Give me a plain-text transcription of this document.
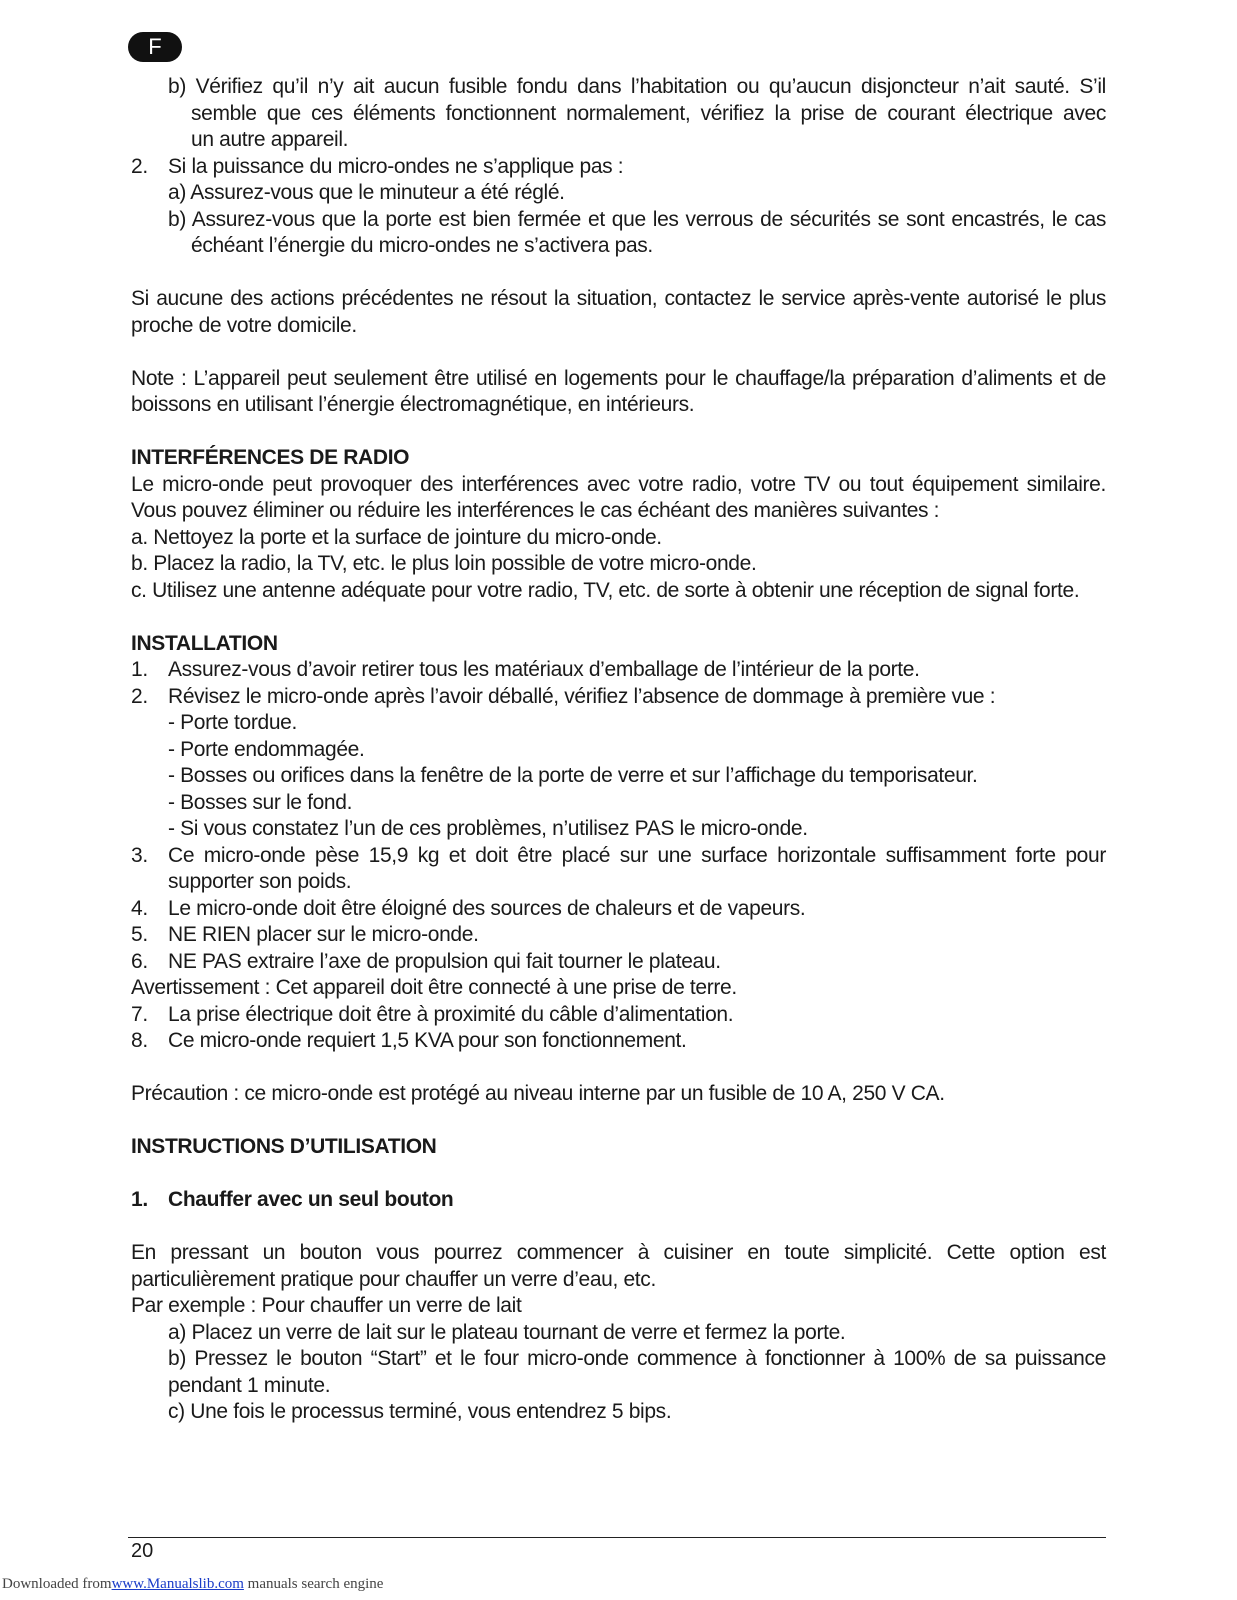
F
b) Vérifiez qu’il n’y ait aucun fusible fondu dans l’habitation ou qu’aucun disjoncteur n’ait sauté. S’il
semble que ces éléments fonctionnent normalement, vérifiez la prise de courant électrique avec
un autre appareil.
2. Si la puissance du micro-ondes ne s’applique pas :
a) Assurez-vous que le minuteur a été réglé.
b) Assurez-vous que la porte est bien fermée et que les verrous de sécurités se sont encastrés, le cas
échéant l’énergie du micro-ondes ne s’activera pas.
Si aucune des actions précédentes ne résout la situation, contactez le service après-vente autorisé le plus
proche de votre domicile.
Note : L’appareil peut seulement être utilisé en logements pour le chauffage/la préparation d’aliments et de
boissons en utilisant l’énergie électromagnétique, en intérieurs.
INTERFÉRENCES DE RADIO
Le micro-onde peut provoquer des interférences avec votre radio, votre TV ou tout équipement similaire.
Vous pouvez éliminer ou réduire les interférences le cas échéant des manières suivantes :
a. Nettoyez la porte et la surface de jointure du micro-onde.
b. Placez la radio, la TV, etc. le plus loin possible de votre micro-onde.
c. Utilisez une antenne adéquate pour votre radio, TV, etc. de sorte à obtenir une réception de signal forte.
INSTALLATION
1. Assurez-vous d’avoir retirer tous les matériaux d’emballage de l’intérieur de la porte.
2. Révisez le micro-onde après l’avoir déballé, vérifiez l’absence de dommage à première vue :
- Porte tordue.
- Porte endommagée.
- Bosses ou orifices dans la fenêtre de la porte de verre et sur l’affichage du temporisateur.
- Bosses sur le fond.
- Si vous constatez l’un de ces problèmes, n’utilisez PAS le micro-onde.
3. Ce micro-onde pèse 15,9 kg et doit être placé sur une surface horizontale suffisamment forte pour
supporter son poids.
4. Le micro-onde doit être éloigné des sources de chaleurs et de vapeurs.
5. NE RIEN placer sur le micro-onde.
6. NE PAS extraire l’axe de propulsion qui fait tourner le plateau.
Avertissement : Cet appareil doit être connecté à une prise de terre.
7. La prise électrique doit être à proximité du câble d’alimentation.
8. Ce micro-onde requiert 1,5 KVA pour son fonctionnement.
Précaution : ce micro-onde est protégé au niveau interne par un fusible de 10 A, 250 V CA.
INSTRUCTIONS D’UTILISATION
1. Chauffer avec un seul bouton
En pressant un bouton vous pourrez commencer à cuisiner en toute simplicité. Cette option est
particulièrement pratique pour chauffer un verre d’eau, etc.
Par exemple : Pour chauffer un verre de lait
a) Placez un verre de lait sur le plateau tournant de verre et fermez la porte.
b) Pressez le bouton “Start” et le four micro-onde commence à fonctionner à 100% de sa puissance
pendant 1 minute.
c) Une fois le processus terminé, vous entendrez 5 bips.
20
Downloaded fromwww.Manualslib.com manuals search engine
